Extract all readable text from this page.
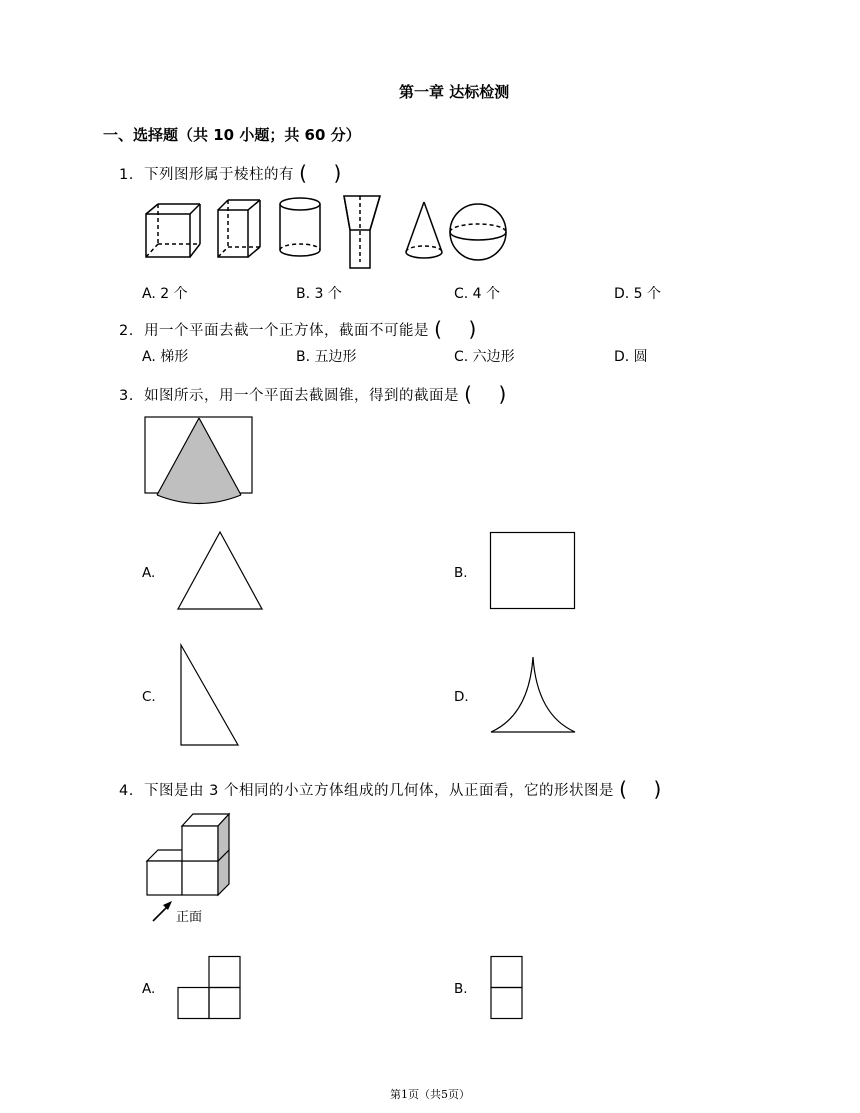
第一章 达标检测
一、选择题（共 10 小题；共 60 分）
1. 下列图形属于棱柱的有 ( )
A. 2 个	B. 3 个	C. 4 个	D. 5 个
2. 用一个平面去截一个正方体，截面不可能是 ( )
A. 梯形	B. 五边形	C. 六边形	D. 圆
3. 如图所示，用一个平面去截圆锥，得到的截面是 ( )
A.	B.
C.	D.
4. 下图是由 3 个相同的小立方体组成的几何体，从正面看，它的形状图是 ( )
正面
A.	B.
第1页（共5页）
